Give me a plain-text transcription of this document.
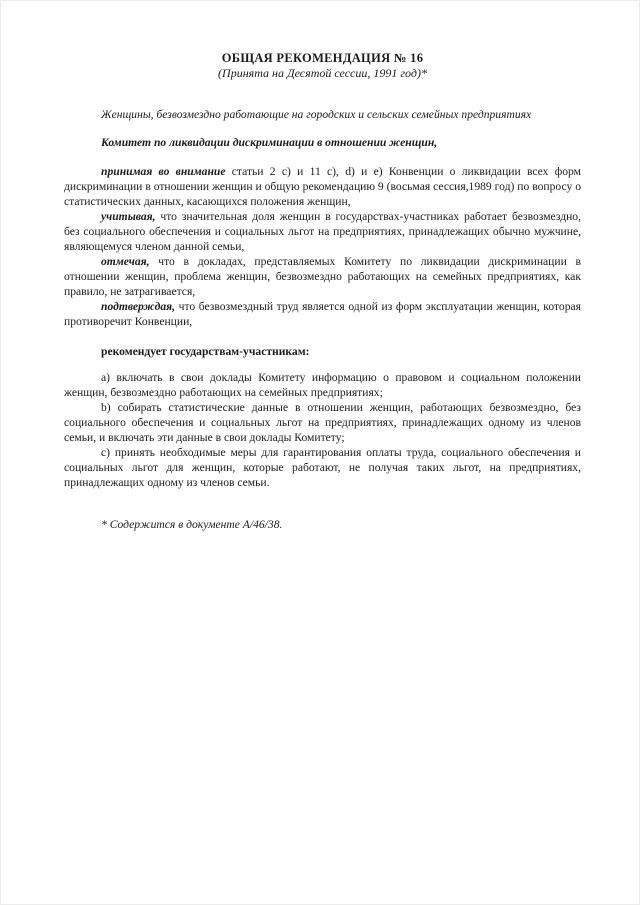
ОБЩАЯ РЕКОМЕНДАЦИЯ № 16
(Принята на Десятой сессии, 1991 год)*

Женщины, безвозмездно работающие на городских и сельских семейных предприятиях

Комитет по ликвидации дискриминации в отношении женщин,

принимая во внимание статьи 2 с) и 11 с), d) и е) Конвенции о ликвидации всех форм дискриминации в отношении женщин и общую рекомендацию 9 (восьмая сессия,1989 год) по вопросу о статистических данных, касающихся положения женщин,

учитывая, что значительная доля женщин в государствах-участниках работает безвозмездно, без социального обеспечения и социальных льгот на предприятиях, принадлежащих обычно мужчине, являющемуся членом данной семьи,

отмечая, что в докладах, представляемых Комитету по ликвидации дискриминации в отношении женщин, проблема женщин, безвозмездно работающих на семейных предприятиях, как правило, не затрагивается,

подтверждая, что безвозмездный труд является одной из форм эксплуатации женщин, которая противоречит Конвенции,

рекомендует государствам-участникам:

a) включать в свои доклады Комитету информацию о правовом и социальном положении женщин, безвозмездно работающих на семейных предприятиях;

b) собирать статистические данные в отношении женщин, работающих безвозмездно, без социального обеспечения и социальных льгот на предприятиях, принадлежащих одному из членов семьи, и включать эти данные в свои доклады Комитету;

c) принять необходимые меры для гарантирования оплаты труда, социального обеспечения и социальных льгот для женщин, которые работают, не получая таких льгот, на предприятиях, принадлежащих одному из членов семьи.

* Содержится в документе A/46/38.
